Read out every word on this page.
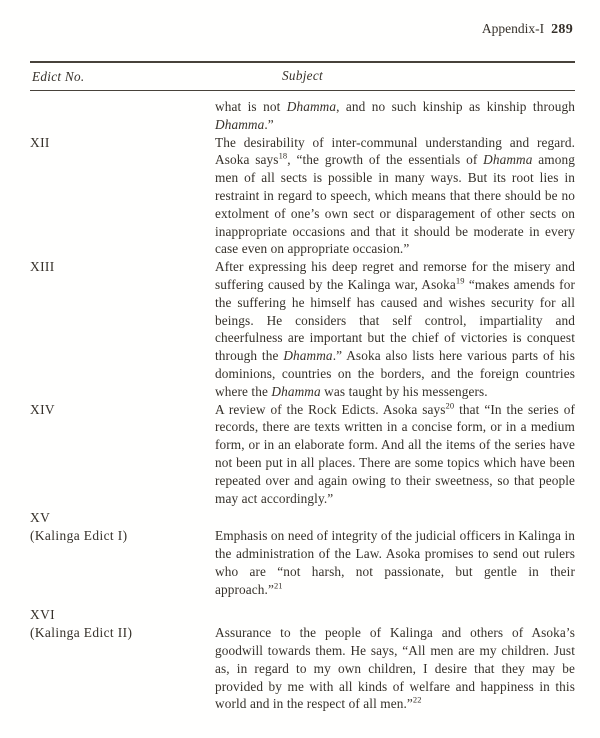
Appendix-I 289
Edict No.	Subject

what is not Dhamma, and no such kinship as kinship through Dhamma.”

XII	The desirability of inter-communal understanding and regard. Asoka says$^{18}$, “the growth of the essentials of Dhamma among men of all sects is possible in many ways. But its root lies in restraint in regard to speech, which means that there should be no extolment of one’s own sect or disparagement of other sects on inappropriate occasions and that it should be moderate in every case even on appropriate occasion.”

XIII	After expressing his deep regret and remorse for the misery and suffering caused by the Kalinga war, Asoka$^{19}$ “makes amends for the suffering he himself has caused and wishes security for all beings. He considers that self control, impartiality and cheerfulness are important but the chief of victories is conquest through the Dhamma.” Asoka also lists here various parts of his dominions, countries on the borders, and the foreign countries where the Dhamma was taught by his messengers.

XIV	A review of the Rock Edicts. Asoka says$^{20}$ that “In the series of records, there are texts written in a concise form, or in a medium form, or in an elaborate form. And all the items of the series have not been put in all places. There are some topics which have been repeated over and again owing to their sweetness, so that people may act accordingly.”

XV
(Kalinga Edict I)	Emphasis on need of integrity of the judicial officers in Kalinga in the administration of the Law. Asoka promises to send out rulers who are “not harsh, not passionate, but gentle in their approach.”$^{21}$

XVI
(Kalinga Edict II)	Assurance to the people of Kalinga and others of Asoka’s goodwill towards them. He says, “All men are my children. Just as, in regard to my own children, I desire that they may be provided by me with all kinds of welfare and happiness in this world and in the respect of all men.”$^{22}$
